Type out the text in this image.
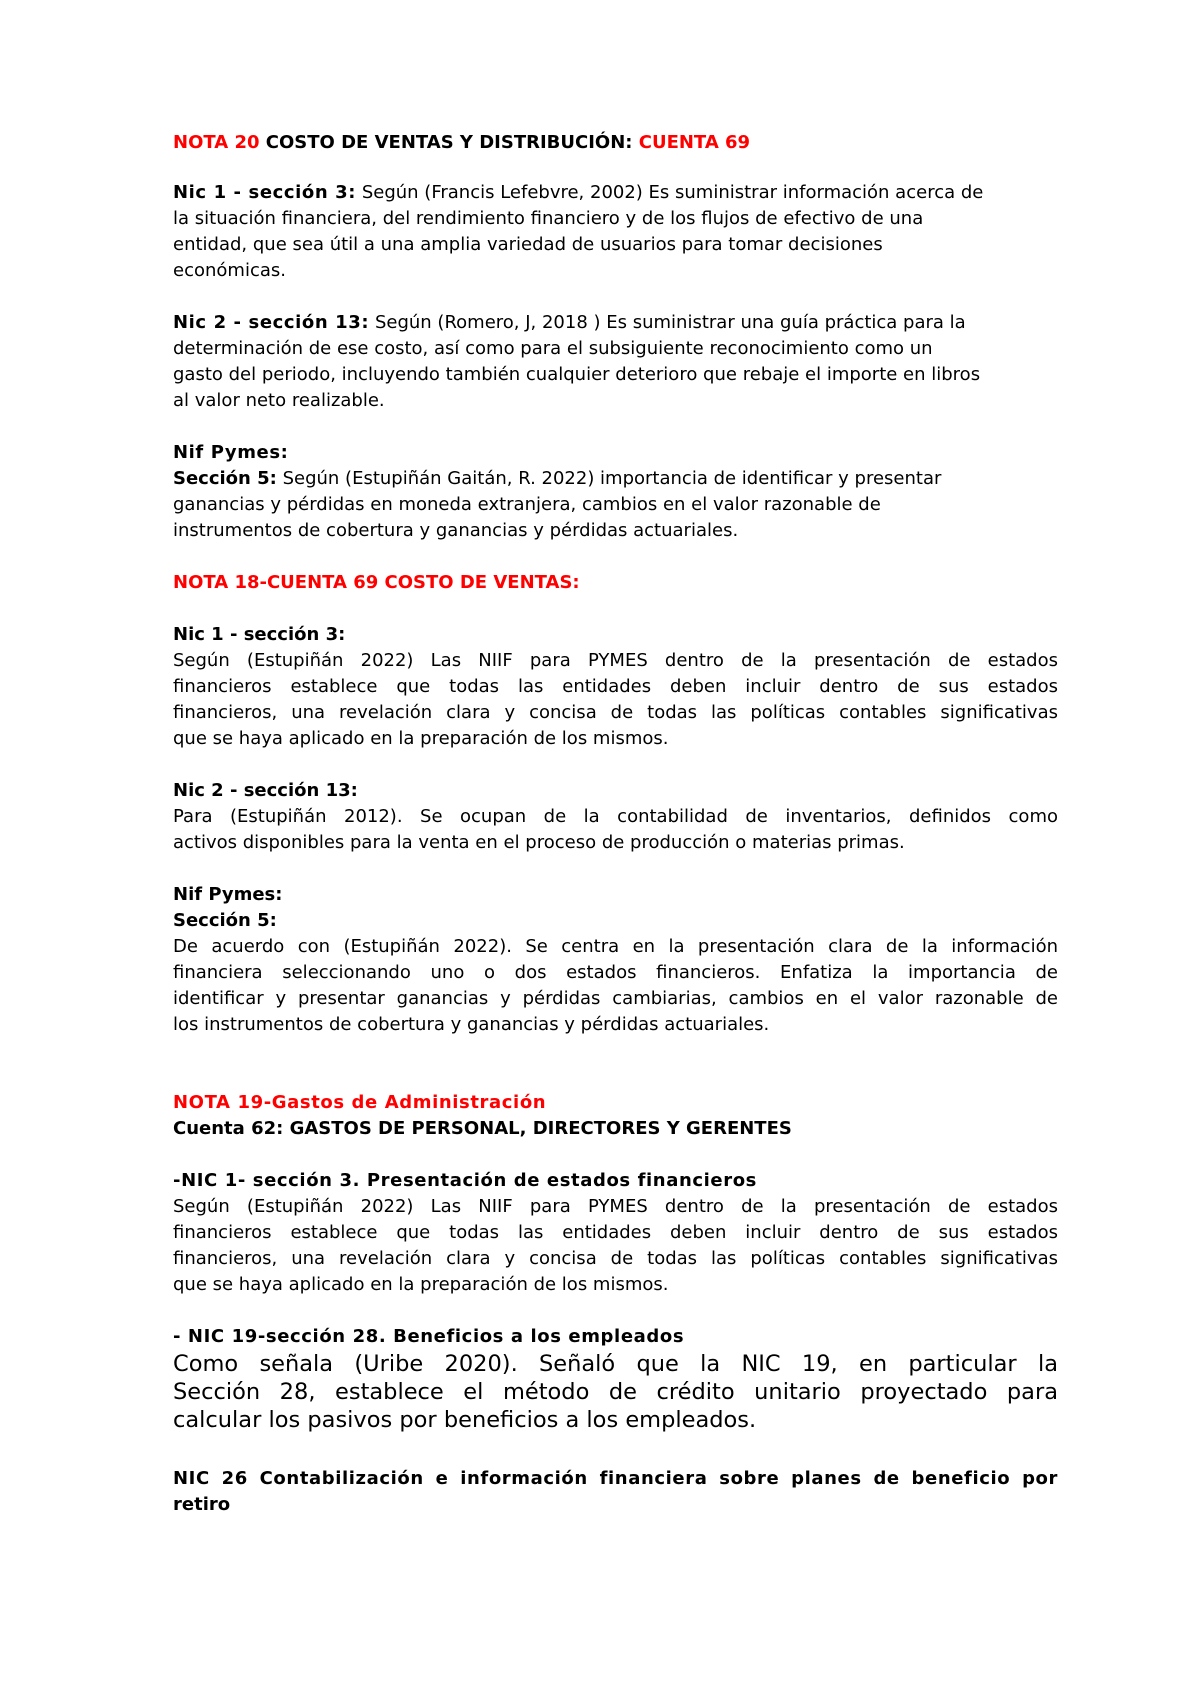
NOTA 20 COSTO DE VENTAS Y DISTRIBUCIÓN: CUENTA 69
Nic 1 - sección 3: Según (Francis Lefebvre, 2002) Es suministrar información acerca de
la situación financiera, del rendimiento financiero y de los flujos de efectivo de una
entidad, que sea útil a una amplia variedad de usuarios para tomar decisiones
económicas.
Nic 2 - sección 13: Según (Romero, J, 2018 ) Es suministrar una guía práctica para la
determinación de ese costo, así como para el subsiguiente reconocimiento como un
gasto del periodo, incluyendo también cualquier deterioro que rebaje el importe en libros
al valor neto realizable.
Nif Pymes:
Sección 5: Según (Estupiñán Gaitán, R. 2022) importancia de identificar y presentar
ganancias y pérdidas en moneda extranjera, cambios en el valor razonable de
instrumentos de cobertura y ganancias y pérdidas actuariales.
NOTA 18-CUENTA 69 COSTO DE VENTAS:
Nic 1 - sección 3:
Según (Estupiñán 2022) Las NIIF para PYMES dentro de la presentación de estados
financieros establece que todas las entidades deben incluir dentro de sus estados
financieros, una revelación clara y concisa de todas las políticas contables significativas
que se haya aplicado en la preparación de los mismos.
Nic 2 - sección 13:
Para (Estupiñán 2012). Se ocupan de la contabilidad de inventarios, definidos como
activos disponibles para la venta en el proceso de producción o materias primas.
Nif Pymes:
Sección 5:
De acuerdo con (Estupiñán 2022). Se centra en la presentación clara de la información
financiera seleccionando uno o dos estados financieros. Enfatiza la importancia de
identificar y presentar ganancias y pérdidas cambiarias, cambios en el valor razonable de
los instrumentos de cobertura y ganancias y pérdidas actuariales.
NOTA 19-Gastos de Administración
Cuenta 62: GASTOS DE PERSONAL, DIRECTORES Y GERENTES
-NIC 1- sección 3. Presentación de estados financieros
Según (Estupiñán 2022) Las NIIF para PYMES dentro de la presentación de estados
financieros establece que todas las entidades deben incluir dentro de sus estados
financieros, una revelación clara y concisa de todas las políticas contables significativas
que se haya aplicado en la preparación de los mismos.
- NIC 19-sección 28. Beneficios a los empleados
Como señala (Uribe 2020). Señaló que la NIC 19, en particular la
Sección 28, establece el método de crédito unitario proyectado para
calcular los pasivos por beneficios a los empleados.
NIC 26 Contabilización e información financiera sobre planes de beneficio por
retiro
